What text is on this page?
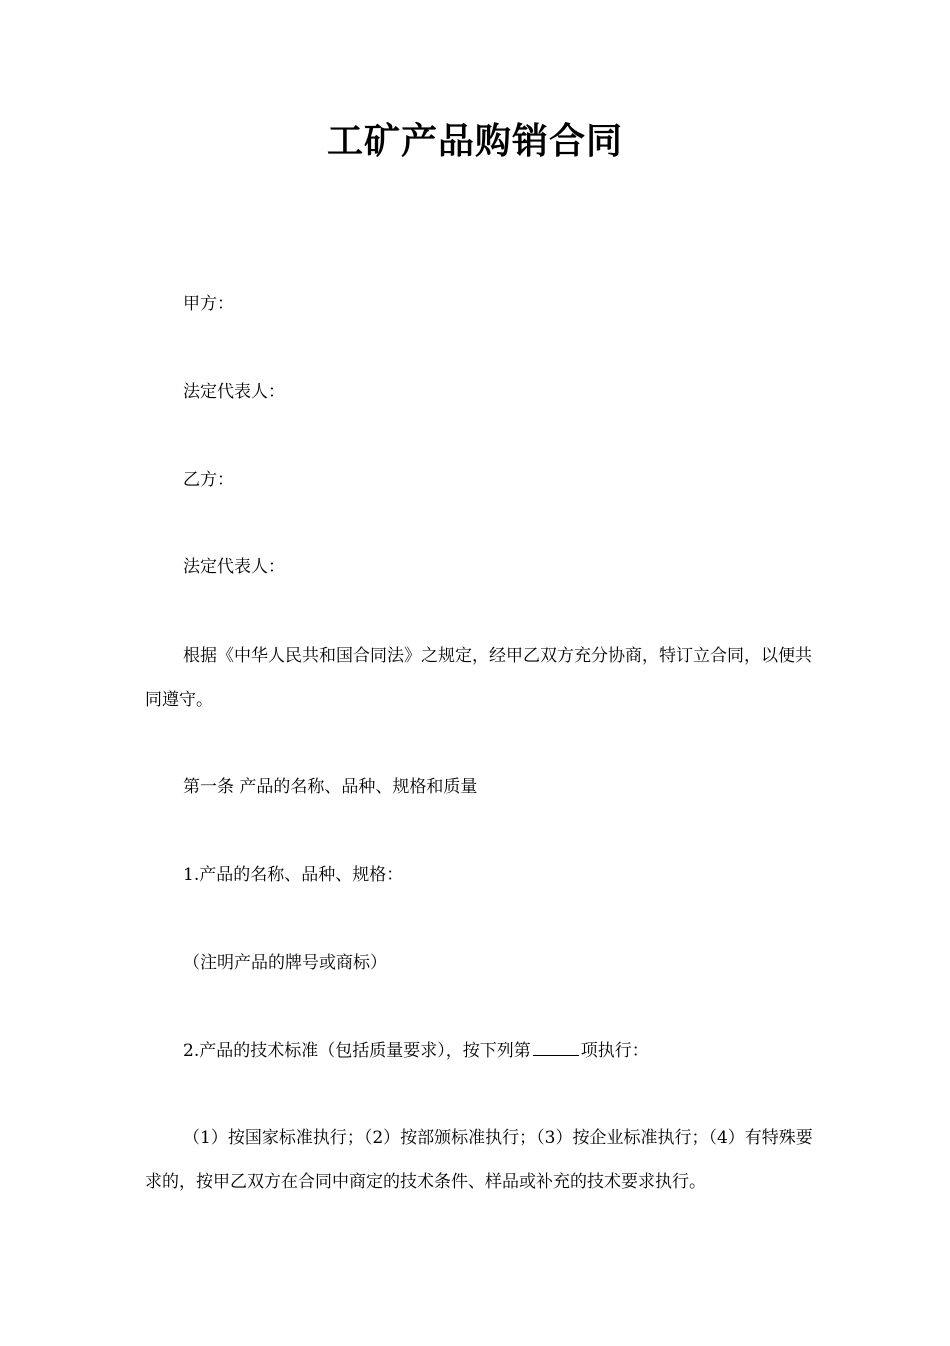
工矿产品购销合同
甲方：
法定代表人：
乙方：
法定代表人：
根据《中华人民共和国合同法》之规定，经甲乙双方充分协商，特订立合同，以便共同遵守。
第一条 产品的名称、品种、规格和质量
1.产品的名称、品种、规格：
（注明产品的牌号或商标）
2.产品的技术标准（包括质量要求），按下列第	项执行：
（1）按国家标准执行；（2）按部颁标准执行；（3）按企业标准执行；（4）有特殊要求的，按甲乙双方在合同中商定的技术条件、样品或补充的技术要求执行。
